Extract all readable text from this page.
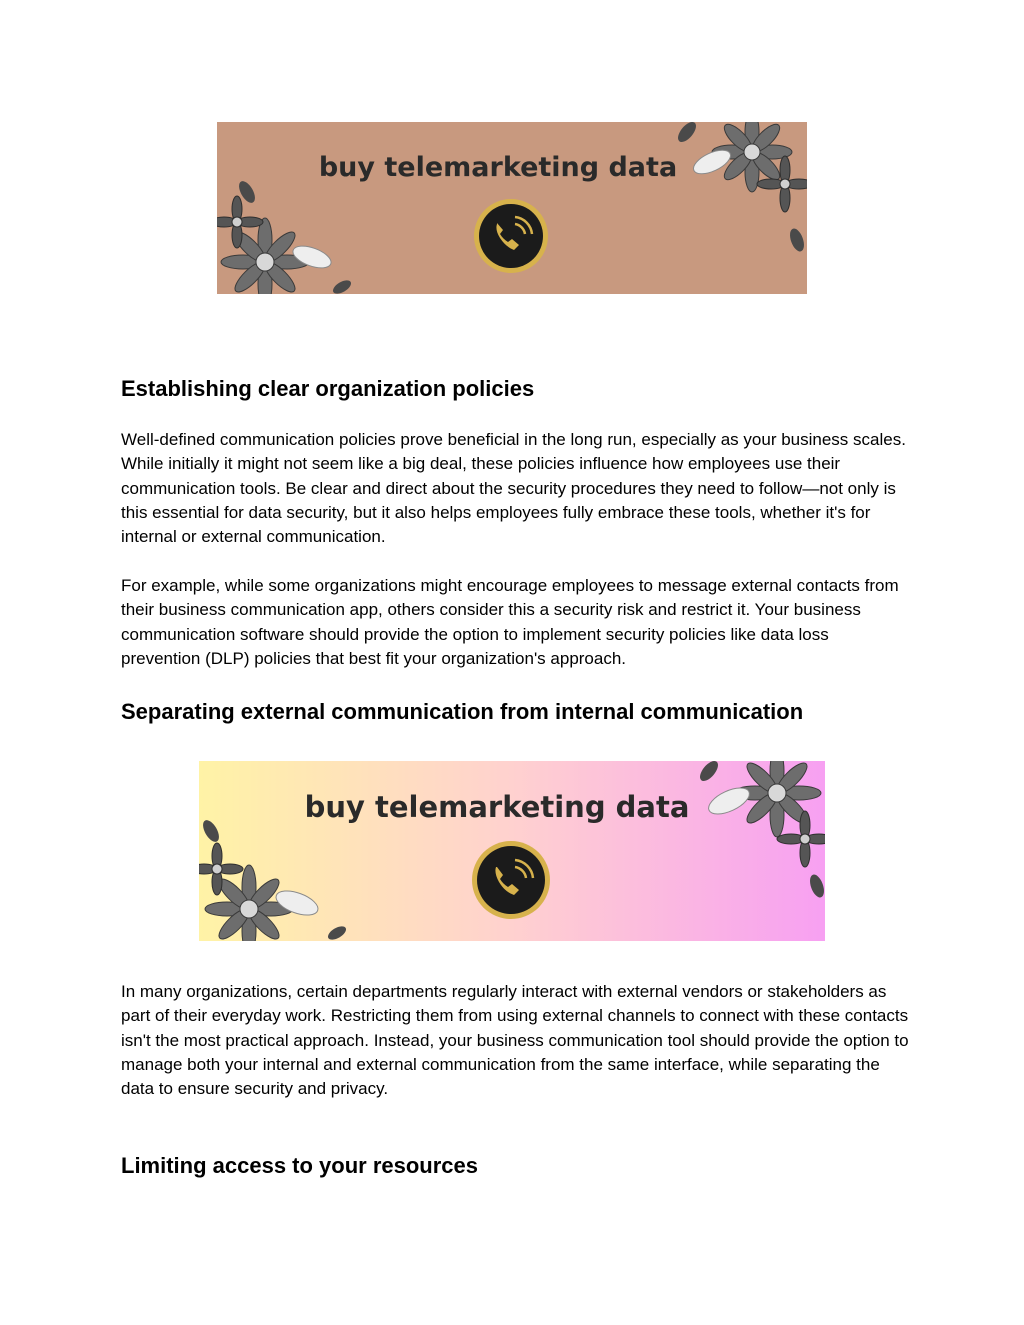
buy telemarketing data
Establishing clear organization policies

Well-defined communication policies prove beneficial in the long run, especially as your business scales. While initially it might not seem like a big deal, these policies influence how employees use their communication tools. Be clear and direct about the security procedures they need to follow—not only is this essential for data security, but it also helps employees fully embrace these tools, whether it's for internal or external communication.

For example, while some organizations might encourage employees to message external contacts from their business communication app, others consider this a security risk and restrict it. Your business communication software should provide the option to implement security policies like data loss prevention (DLP) policies that best fit your organization's approach.

Separating external communication from internal communication
buy telemarketing data

In many organizations, certain departments regularly interact with external vendors or stakeholders as part of their everyday work. Restricting them from using external channels to connect with these contacts isn't the most practical approach. Instead, your business communication tool should provide the option to manage both your internal and external communication from the same interface, while separating the data to ensure security and privacy.

Limiting access to your resources
